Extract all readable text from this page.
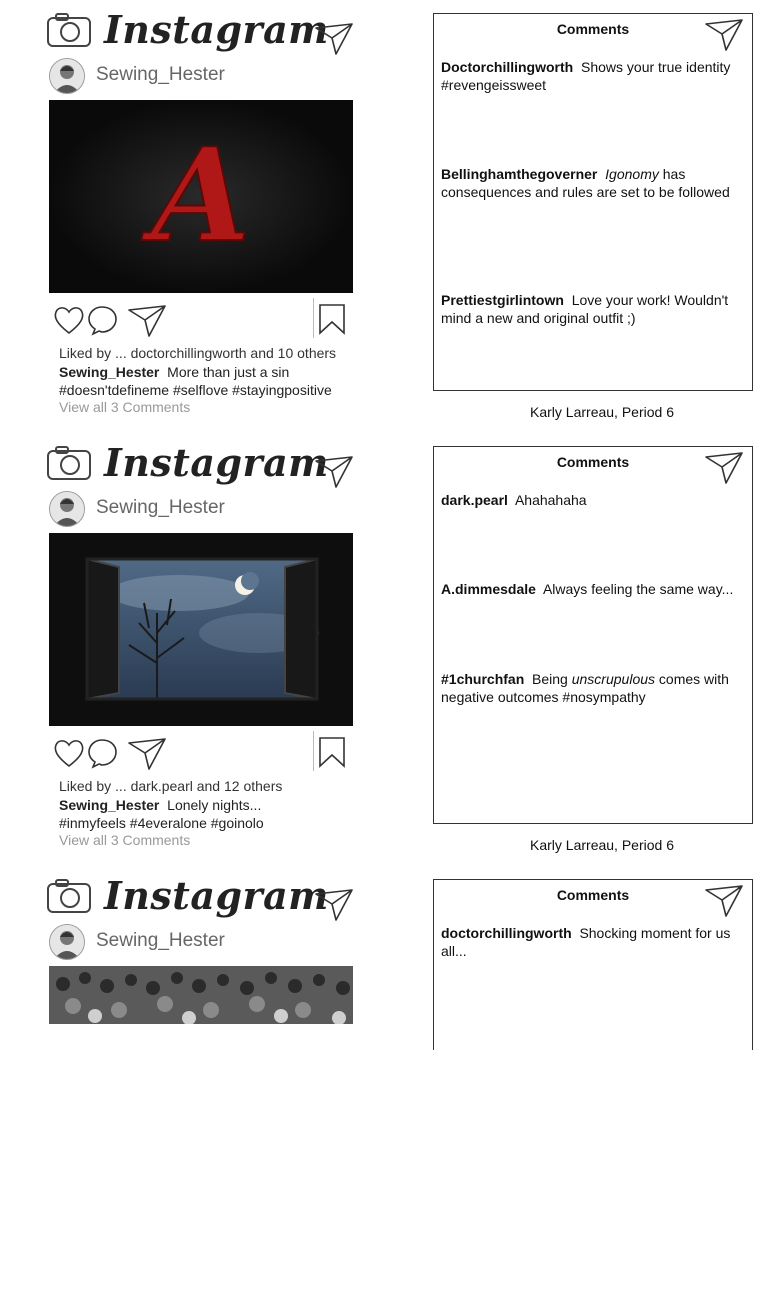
Instagram
Sewing_Hester
A
Liked by ... doctorchillingworth and 10 others
Sewing_Hester More than just a sin
#doesn'tdefineme #selflove #stayingpositive
View all 3 Comments
Comments
Doctorchillingworth Shows your true identity #revengeissweet
Bellinghamthegoverner Igonomy has consequences and rules are set to be followed
Prettiestgirlintown Love your work! Wouldn't mind a new and original outfit ;)
Karly Larreau, Period 6
Instagram
Sewing_Hester
Liked by ... dark.pearl and 12 others
Sewing_Hester Lonely nights...
#inmyfeels #4everalone #goinolo
View all 3 Comments
Comments
dark.pearl Ahahahaha
A.dimmesdale Always feeling the same way...
#1churchfan Being unscrupulous comes with negative outcomes #nosympathy
Karly Larreau, Period 6
Instagram
Sewing_Hester
Comments
doctorchillingworth Shocking moment for us all...
